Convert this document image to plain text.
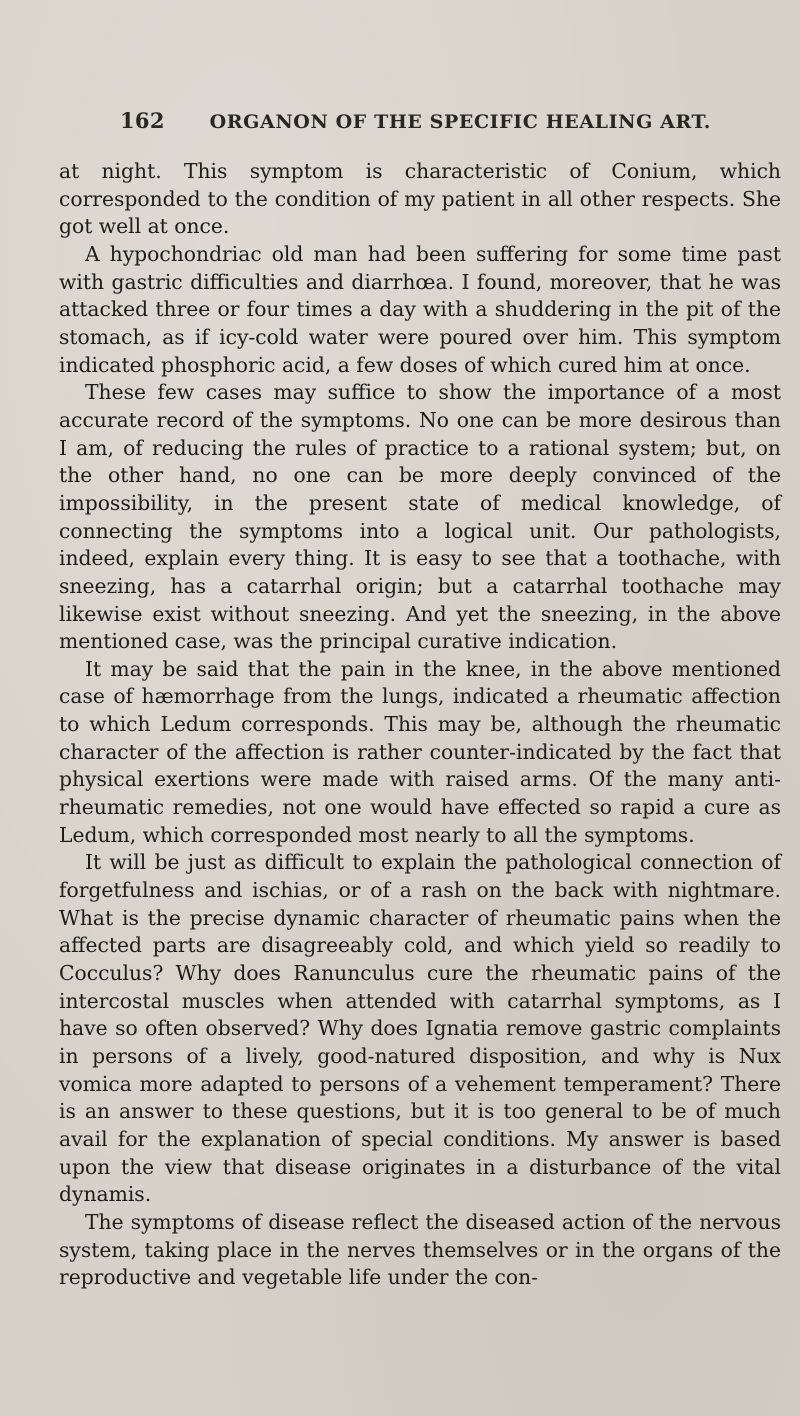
162 ORGANON OF THE SPECIFIC HEALING ART.

at night. This symptom is characteristic of Conium, which corresponded to the condition of my patient in all other respects. She got well at once.

A hypochondriac old man had been suffering for some time past with gastric difficulties and diarrhœa. I found, moreover, that he was attacked three or four times a day with a shuddering in the pit of the stomach, as if icy-cold water were poured over him. This symptom indicated phosphoric acid, a few doses of which cured him at once.

These few cases may suffice to show the importance of a most accurate record of the symptoms. No one can be more desirous than I am, of reducing the rules of practice to a rational system; but, on the other hand, no one can be more deeply convinced of the impossibility, in the present state of medical knowledge, of connecting the symptoms into a logical unit. Our pathologists, indeed, explain every thing. It is easy to see that a toothache, with sneezing, has a catarrhal origin; but a catarrhal toothache may likewise exist without sneezing. And yet the sneezing, in the above mentioned case, was the principal curative indication.

It may be said that the pain in the knee, in the above mentioned case of hæmorrhage from the lungs, indicated a rheumatic affection to which Ledum corresponds. This may be, although the rheumatic character of the affection is rather counter-indicated by the fact that physical exertions were made with raised arms. Of the many anti-rheumatic remedies, not one would have effected so rapid a cure as Ledum, which corresponded most nearly to all the symptoms.

It will be just as difficult to explain the pathological connection of forgetfulness and ischias, or of a rash on the back with nightmare. What is the precise dynamic character of rheumatic pains when the affected parts are disagreeably cold, and which yield so readily to Cocculus? Why does Ranunculus cure the rheumatic pains of the intercostal muscles when attended with catarrhal symptoms, as I have so often observed? Why does Ignatia remove gastric complaints in persons of a lively, good-natured disposition, and why is Nux vomica more adapted to persons of a vehement temperament? There is an answer to these questions, but it is too general to be of much avail for the explanation of special conditions. My answer is based upon the view that disease originates in a disturbance of the vital dynamis.

The symptoms of disease reflect the diseased action of the nervous system, taking place in the nerves themselves or in the organs of the reproductive and vegetable life under the con-
